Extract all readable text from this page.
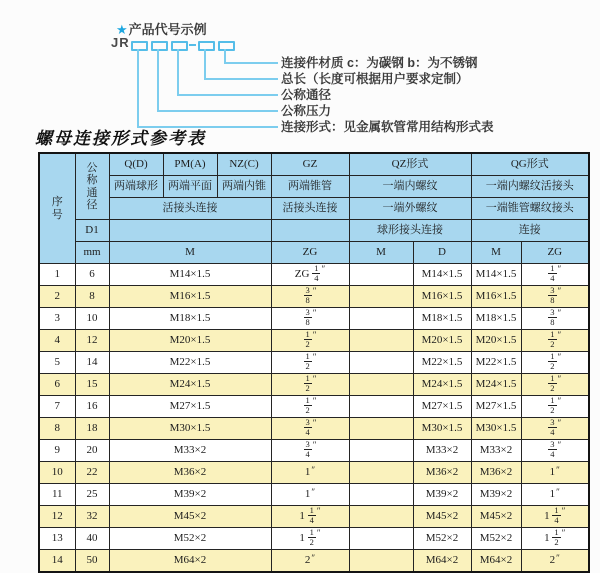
★产品代号示例
JR
连接件材质 c：为碳钢 b：为不锈钢
总长（长度可根据用户要求定制）
公称通径
公称压力
连接形式：见金属软管常用结构形式表
螺母连接形式参考表
序
号	公
称
通
径	Q(D)	PM(A)	NZ(C)	GZ	QZ形式		QG形式	
		两端球形	两端平面	两端内锥	两端锥管	一端内螺纹		一端内螺纹活接头	
		活接头连接			活接头连接	一端外螺纹		一端锥管螺纹接头	
	D1					球形接头连接		连接	
	mm	M			ZG	M	D	M	ZG
1	6	M14×1.5			ZG $\frac{1}{4} ''$		M14×1.5	M14×1.5	$\frac{1}{4} ''$
2	8	M16×1.5			$\frac{3}{8} ''$		M16×1.5	M16×1.5	$\frac{3}{8} ''$
3	10	M18×1.5			$\frac{3}{8} ''$		M18×1.5	M18×1.5	$\frac{3}{8} ''$
4	12	M20×1.5			$\frac{1}{2} ''$		M20×1.5	M20×1.5	$\frac{1}{2} ''$
5	14	M22×1.5			$\frac{1}{2} ''$		M22×1.5	M22×1.5	$\frac{1}{2} ''$
6	15	M24×1.5			$\frac{1}{2} ''$		M24×1.5	M24×1.5	$\frac{1}{2} ''$
7	16	M27×1.5			$\frac{1}{2} ''$		M27×1.5	M27×1.5	$\frac{1}{2} ''$
8	18	M30×1.5			$\frac{3}{4} ''$		M30×1.5	M30×1.5	$\frac{3}{4} ''$
9	20	M33×2			$\frac{3}{4} ''$		M33×2	M33×2	$\frac{3}{4} ''$
10	22	M36×2			1″		M36×2	M36×2	1″
11	25	M39×2			1″		M39×2	M39×2	1″
12	32	M45×2			$1 \frac{1}{4} ''$		M45×2	M45×2	$1 \frac{1}{4} ''$
13	40	M52×2			$1 \frac{1}{2} ''$		M52×2	M52×2	$1 \frac{1}{2} ''$
14	50	M64×2			2″		M64×2	M64×2	2″
